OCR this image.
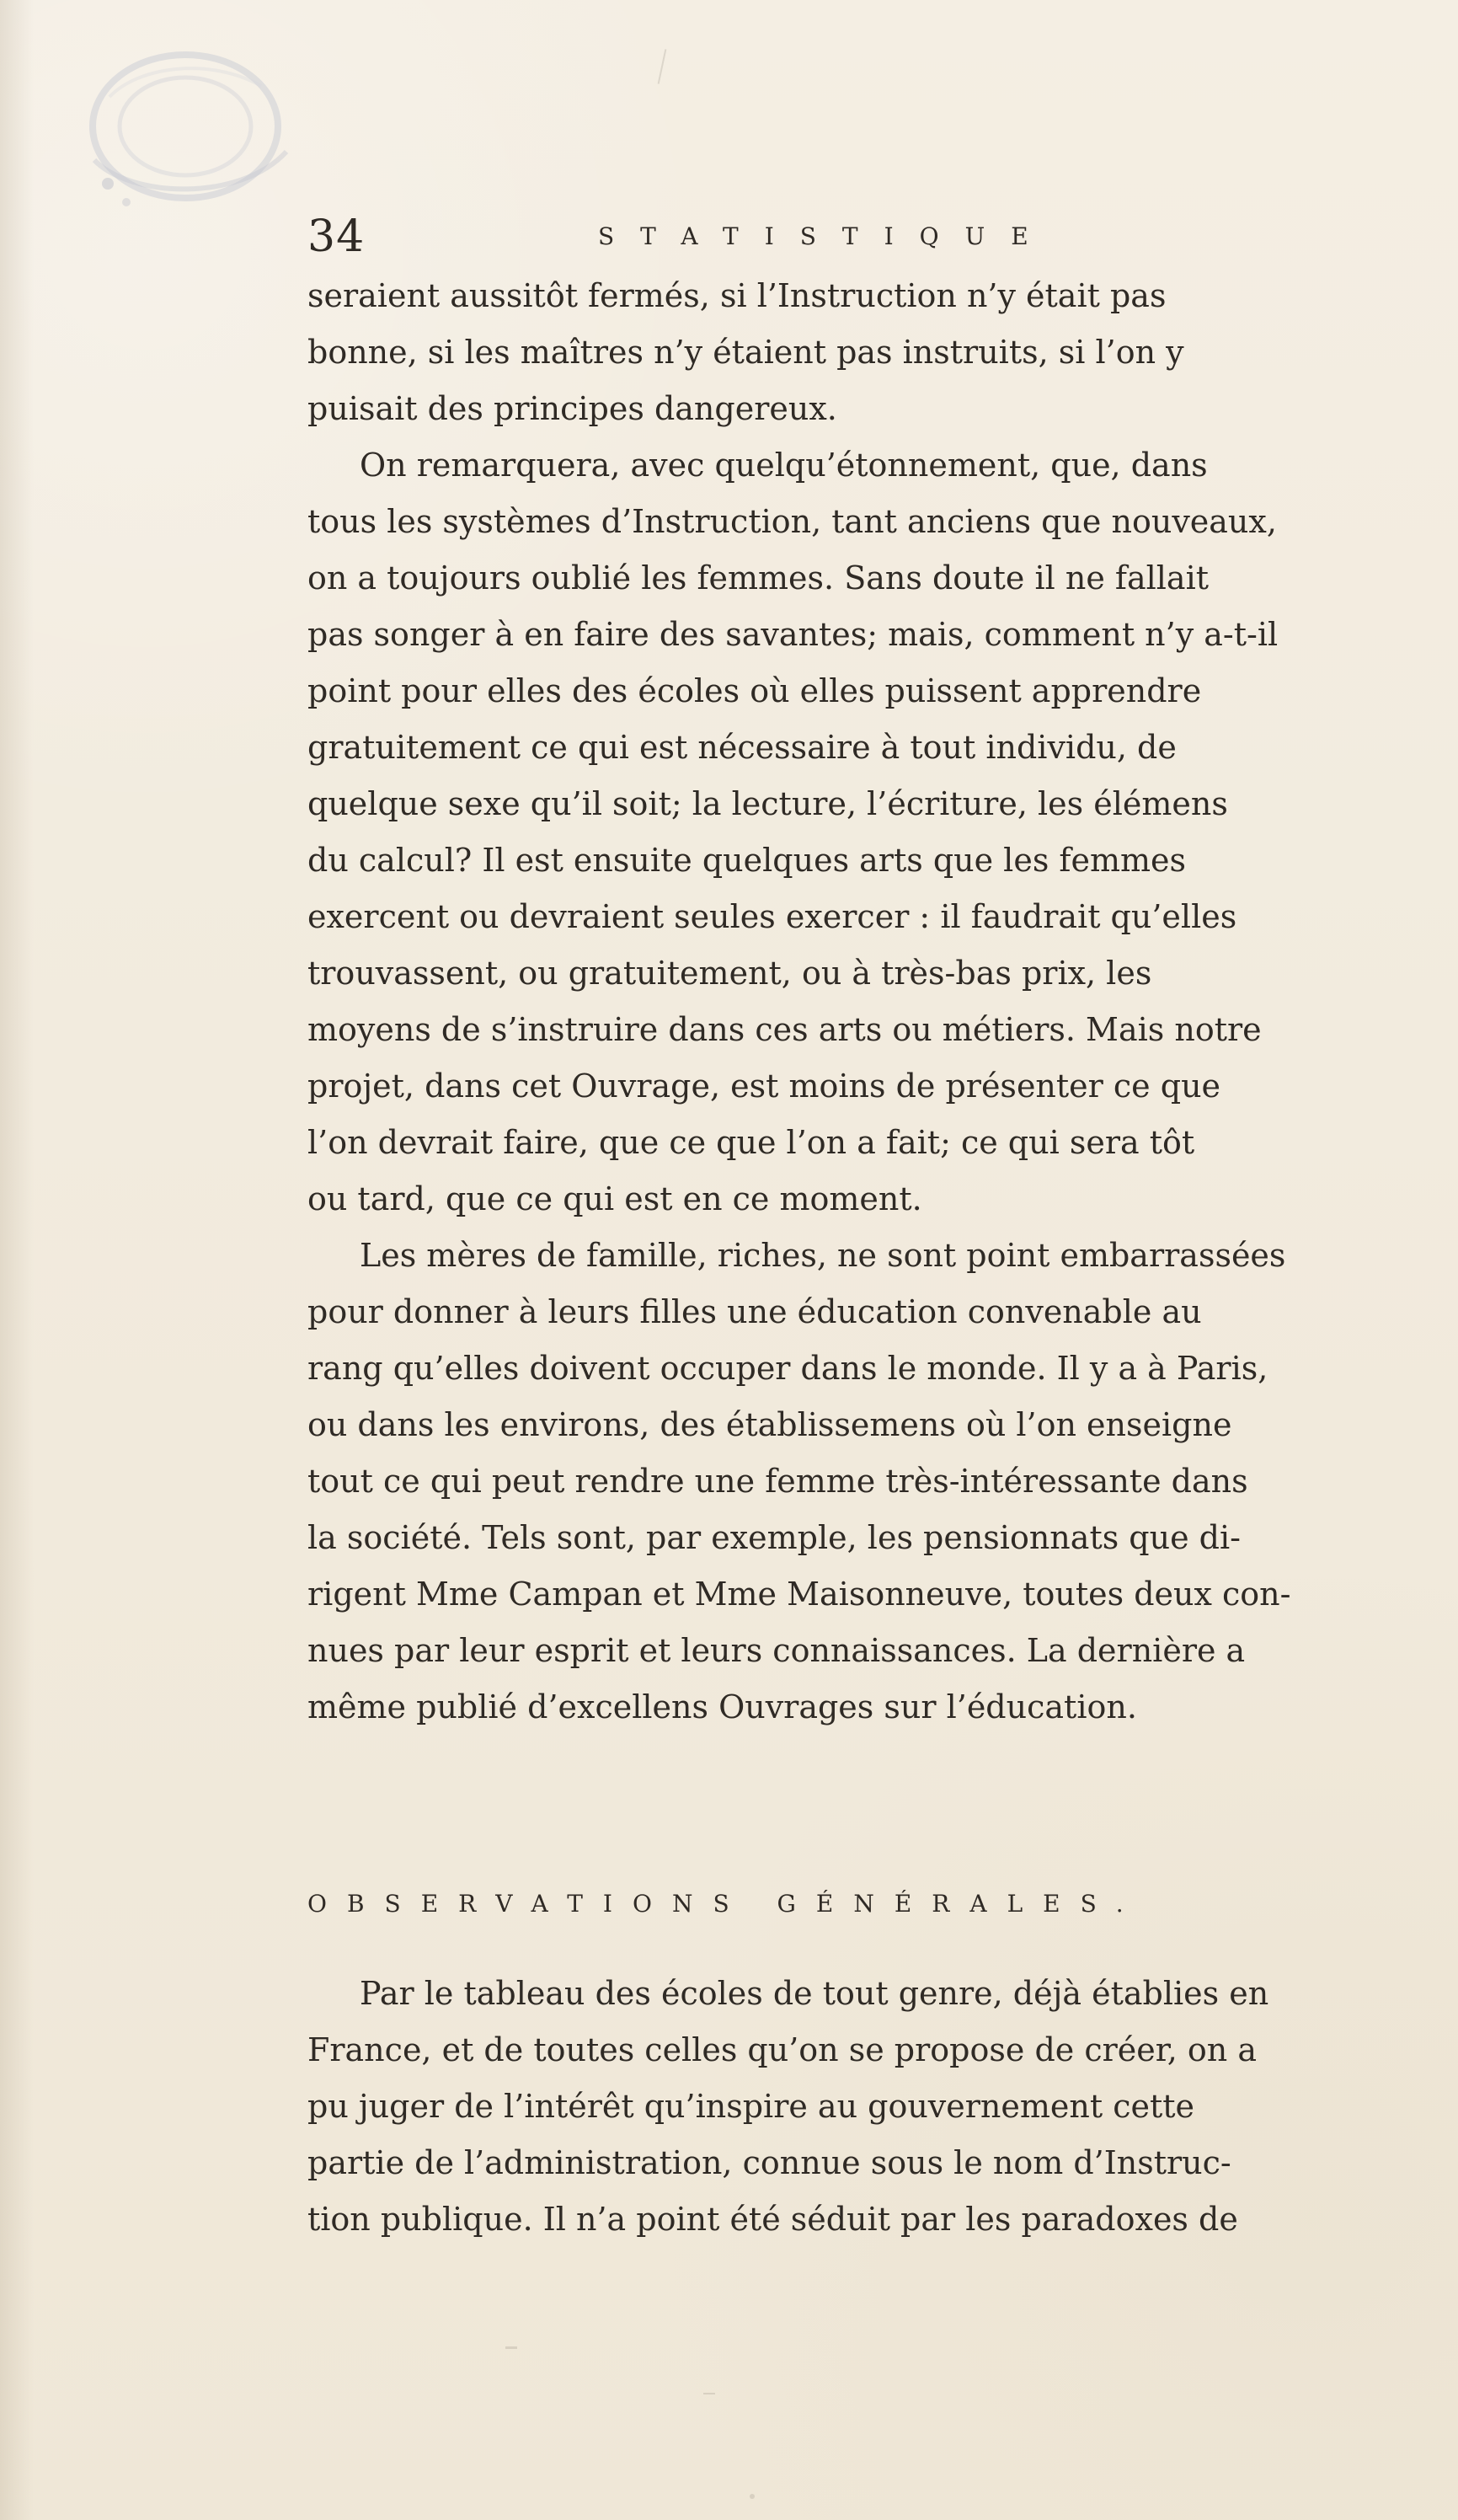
34	STATISTIQUE
seraient aussitôt fermés, si l’Instruction n’y était pas
bonne, si les maîtres n’y étaient pas instruits, si l’on y
puisait des principes dangereux.
On remarquera, avec quelqu’étonnement, que, dans
tous les systèmes d’Instruction, tant anciens que nouveaux,
on a toujours oublié les femmes. Sans doute il ne fallait
pas songer à en faire des savantes; mais, comment n’y a-t-il
point pour elles des écoles où elles puissent apprendre
gratuitement ce qui est nécessaire à tout individu, de
quelque sexe qu’il soit; la lecture, l’écriture, les élémens
du calcul? Il est ensuite quelques arts que les femmes
exercent ou devraient seules exercer : il faudrait qu’elles
trouvassent, ou gratuitement, ou à très-bas prix, les
moyens de s’instruire dans ces arts ou métiers. Mais notre
projet, dans cet Ouvrage, est moins de présenter ce que
l’on devrait faire, que ce que l’on a fait; ce qui sera tôt
ou tard, que ce qui est en ce moment.
Les mères de famille, riches, ne sont point embarrassées
pour donner à leurs filles une éducation convenable au
rang qu’elles doivent occuper dans le monde. Il y a à Paris,
ou dans les environs, des établissemens où l’on enseigne
tout ce qui peut rendre une femme très-intéressante dans
la société. Tels sont, par exemple, les pensionnats que di-
rigent Mme Campan et Mme Maisonneuve, toutes deux con-
nues par leur esprit et leurs connaissances. La dernière a
même publié d’excellens Ouvrages sur l’éducation.
OBSERVATIONS GÉNÉRALES.
Par le tableau des écoles de tout genre, déjà établies en
France, et de toutes celles qu’on se propose de créer, on a
pu juger de l’intérêt qu’inspire au gouvernement cette
partie de l’administration, connue sous le nom d’Instruc-
tion publique. Il n’a point été séduit par les paradoxes de
